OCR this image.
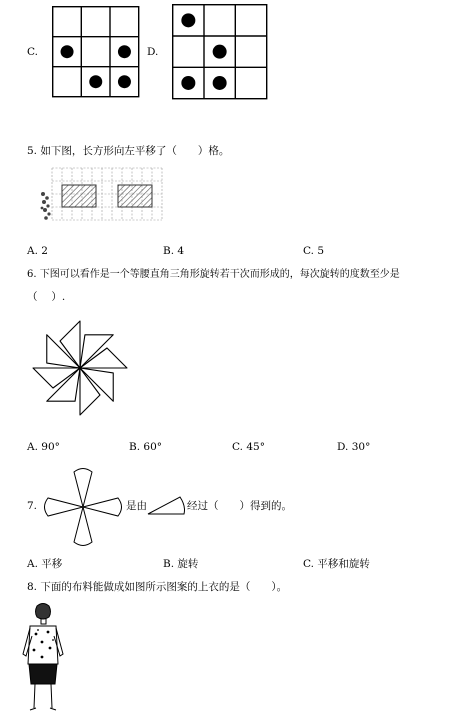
C.	D.
5. 如下图，长方形向左平移了（　　）格。
A. 2	B. 4	C. 5
6. 下图可以看作是一个等腰直角三角形旋转若干次而形成的，每次旋转的度数至少是
（　 ）.
A. 90°	B. 60°	C. 45°	D. 30°
7.	是由	经过（　　）得到的。
A. 平移	B. 旋转	C. 平移和旋转
8. 下面的布料能做成如图所示图案的上衣的是（　　）。
